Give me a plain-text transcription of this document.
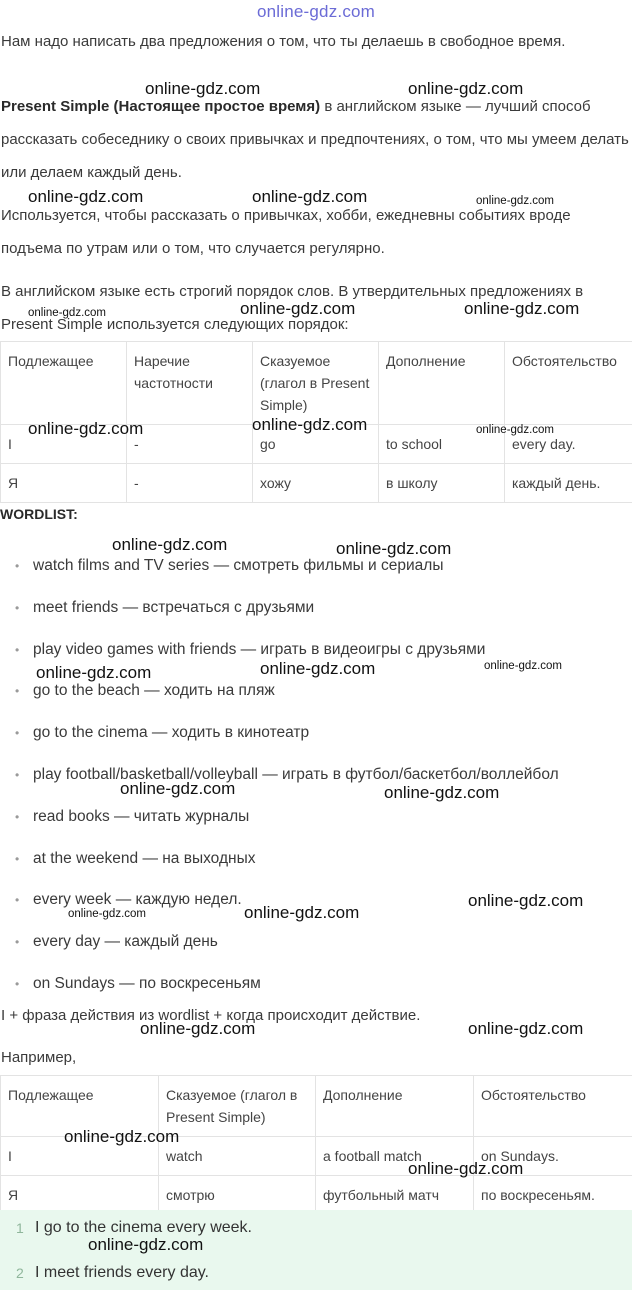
online-gdz.com

Нам надо написать два предложения о том, что ты делаешь в свободное время.

Present Simple (Настоящее простое время) в английском языке — лучший способ рассказать собеседнику о своих привычках и предпочтениях, о том, что мы умеем делать или делаем каждый день.

Используется, чтобы рассказать о привычках, хобби, ежедневны событиях вроде подъема по утрам или о том, что случается регулярно.

В английском языке есть строгий порядок слов. В утвердительных предложениях в Present Simple используется следующих порядок:

Подлежащее	Наречие частотности	Сказуемое (глагол в Present Simple)	Дополнение	Обстоятельство
I	-	go	to school	every day.
Я	-	хожу	в школу	каждый день.
WORDLIST:
• watch films and TV series — смотреть фильмы и сериалы
• meet friends — встречаться с друзьями
• play video games with friends — играть в видеоигры с друзьями
• go to the beach — ходить на пляж
• go to the cinema — ходить в кинотеатр
• play football/basketball/volleyball — играть в футбол/баскетбол/воллейбол
• read books — читать журналы
• at the weekend — на выходных
• every week — каждую недел.
• every day — каждый день
• on Sundays — по воскресеньям

I + фраза действия из wordlist + когда происходит действие.

Например,

Подлежащее	Сказуемое (глагол в Present Simple)	Дополнение	Обстоятельство
I	watch	a football match	on Sundays.
Я	смотрю	футбольный матч	по воскресеньям.
1 I go to the cinema every week.
2 I meet friends every day.
online-gdz.com	online-gdz.com
online-gdz.com	online-gdz.com	online-gdz.com
online-gdz.com	online-gdz.com
online-gdz.com
online-gdz.com	online-gdz.com	online-gdz.com
online-gdz.com	online-gdz.com
online-gdz.com	online-gdz.com	online-gdz.com
online-gdz.com	online-gdz.com
online-gdz.com
online-gdz.com	online-gdz.com
online-gdz.com	online-gdz.com
online-gdz.com
online-gdz.com
online-gdz.com
